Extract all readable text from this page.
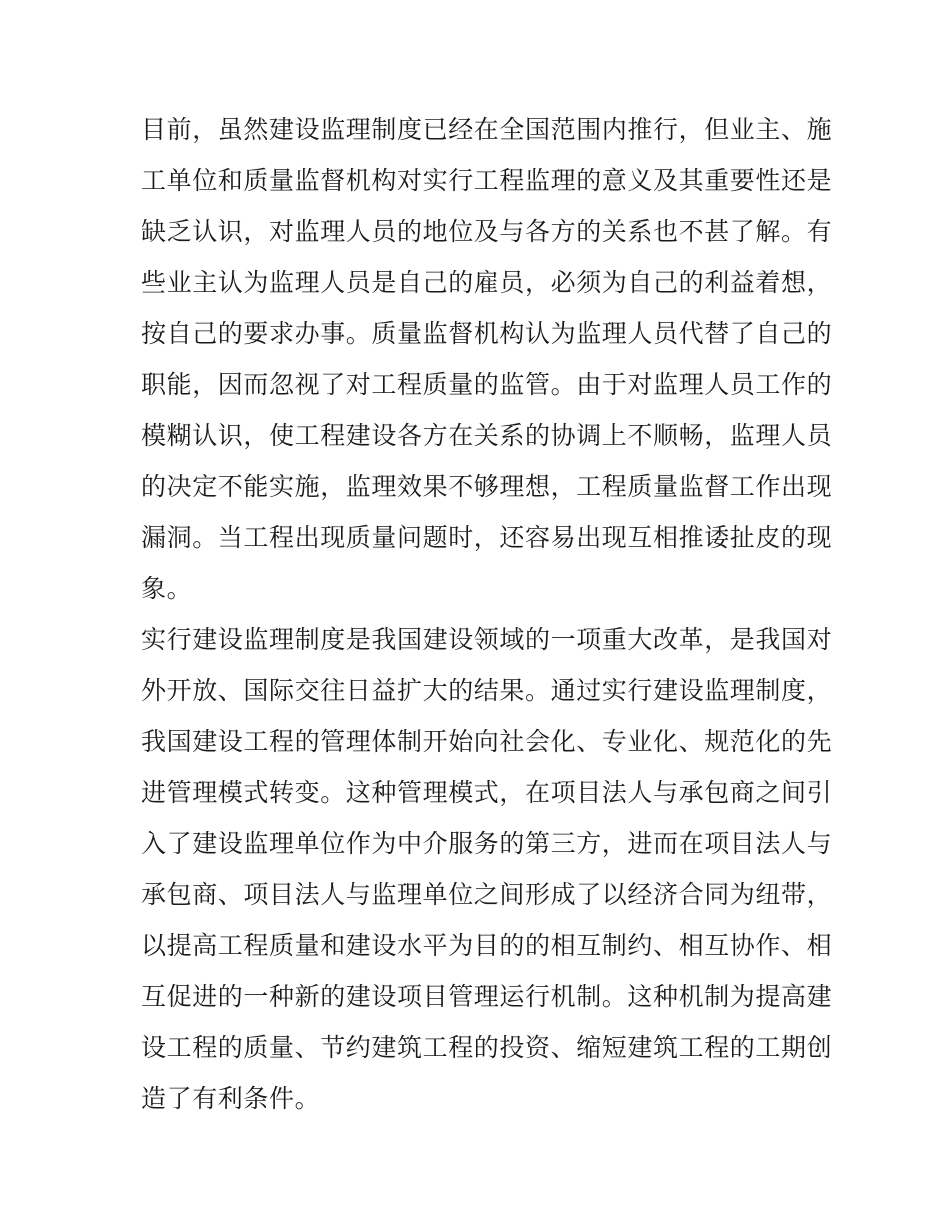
目前，虽然建设监理制度已经在全国范围内推行，但业主、施
工单位和质量监督机构对实行工程监理的意义及其重要性还是
缺乏认识，对监理人员的地位及与各方的关系也不甚了解。有
些业主认为监理人员是自己的雇员，必须为自己的利益着想，
按自己的要求办事。质量监督机构认为监理人员代替了自己的
职能，因而忽视了对工程质量的监管。由于对监理人员工作的
模糊认识，使工程建设各方在关系的协调上不顺畅，监理人员
的决定不能实施，监理效果不够理想，工程质量监督工作出现
漏洞。当工程出现质量问题时，还容易出现互相推诿扯皮的现
象。
实行建设监理制度是我国建设领域的一项重大改革，是我国对
外开放、国际交往日益扩大的结果。通过实行建设监理制度，
我国建设工程的管理体制开始向社会化、专业化、规范化的先
进管理模式转变。这种管理模式，在项目法人与承包商之间引
入了建设监理单位作为中介服务的第三方，进而在项目法人与
承包商、项目法人与监理单位之间形成了以经济合同为纽带，
以提高工程质量和建设水平为目的的相互制约、相互协作、相
互促进的一种新的建设项目管理运行机制。这种机制为提高建
设工程的质量、节约建筑工程的投资、缩短建筑工程的工期创
造了有利条件。
